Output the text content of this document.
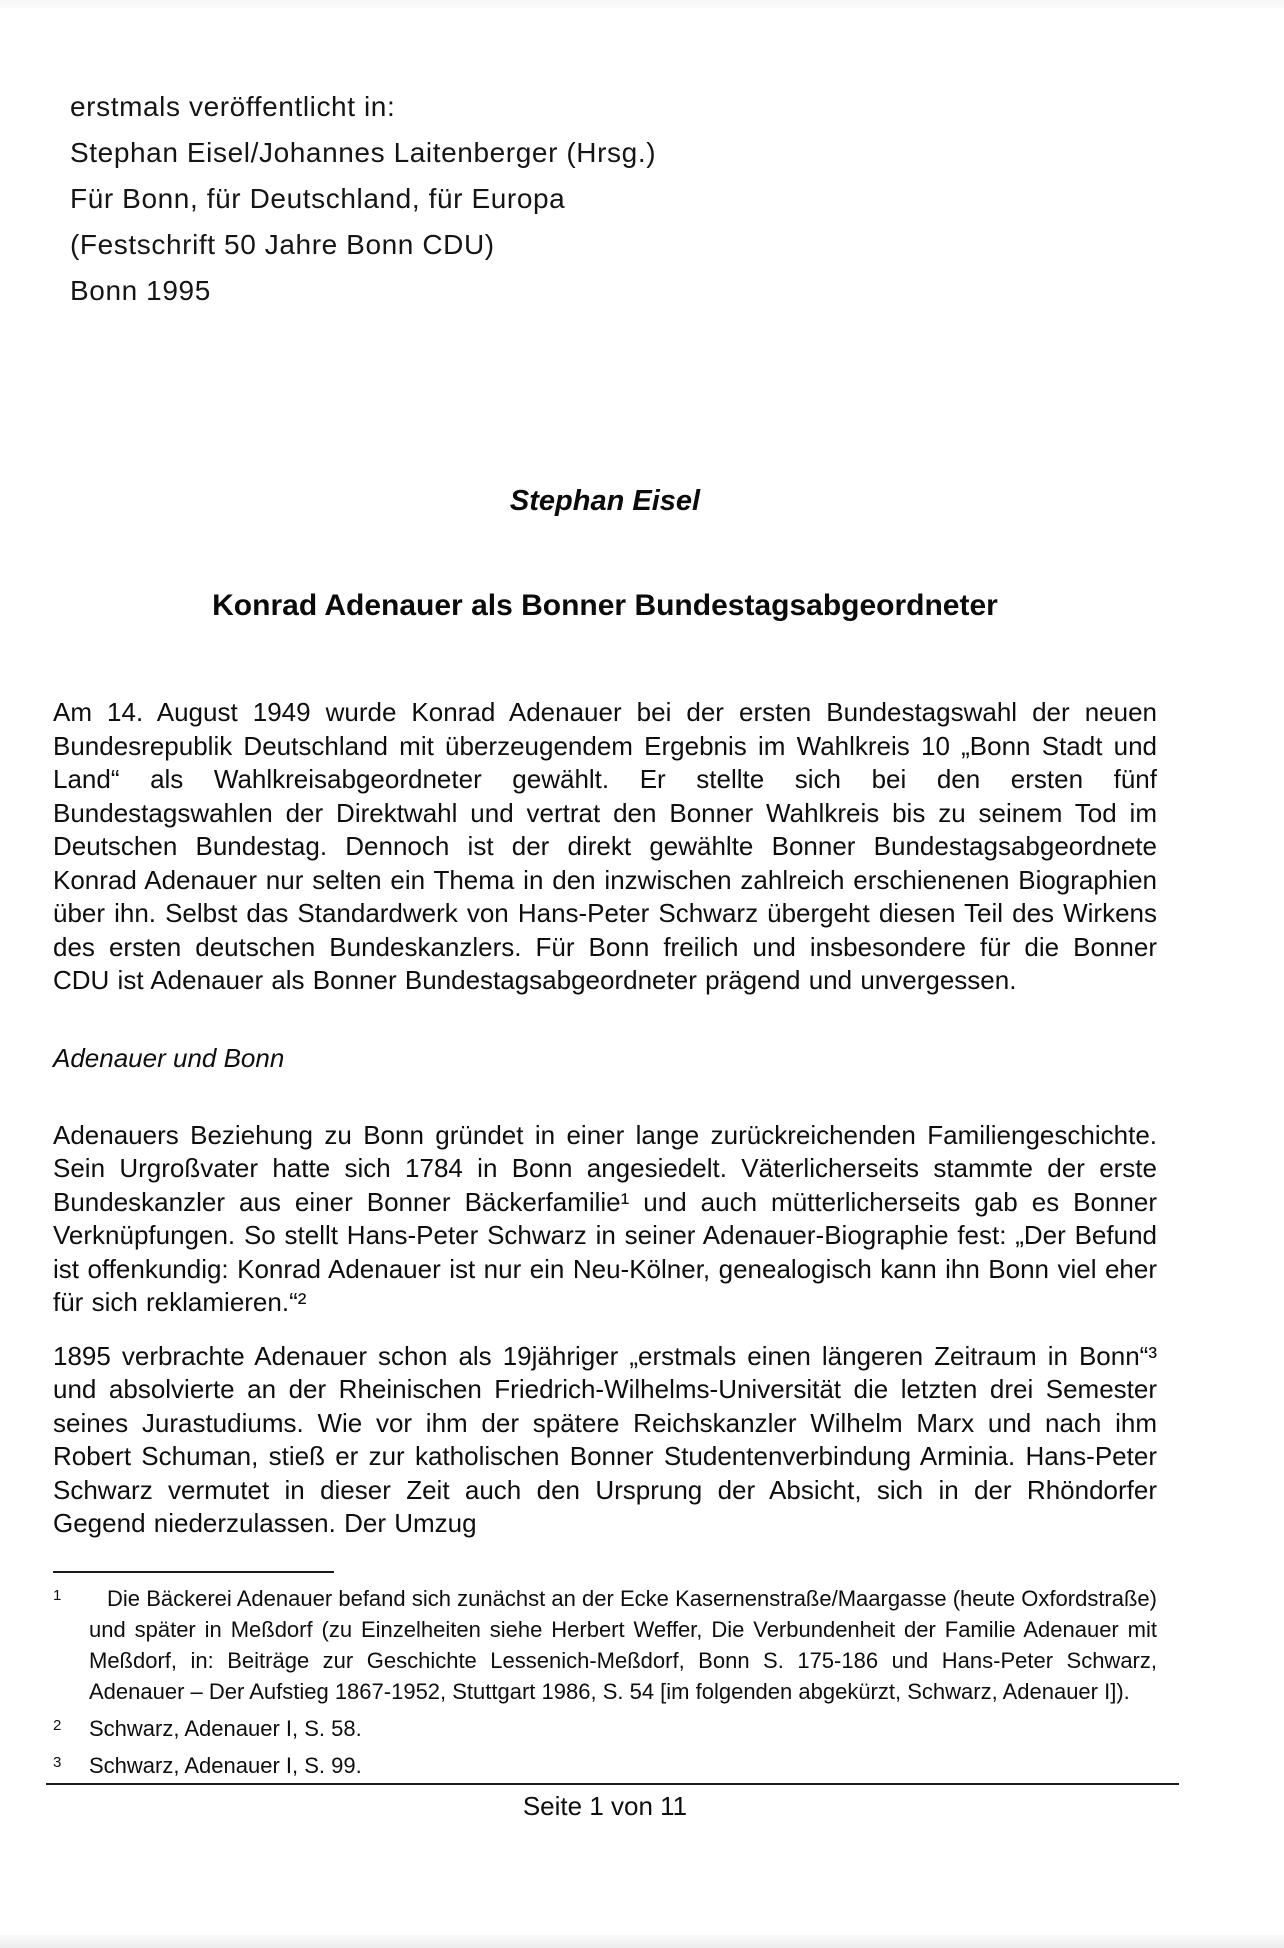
erstmals veröffentlicht in:
Stephan Eisel/Johannes Laitenberger (Hrsg.)
Für Bonn, für Deutschland, für Europa
(Festschrift 50 Jahre Bonn CDU)
Bonn 1995
Stephan Eisel
Konrad Adenauer als Bonner Bundestagsabgeordneter

Am 14. August 1949 wurde Konrad Adenauer bei der ersten Bundestagswahl der neuen Bundesrepublik Deutschland mit überzeugendem Ergebnis im Wahlkreis 10 „Bonn Stadt und Land“ als Wahlkreisabgeordneter gewählt. Er stellte sich bei den ersten fünf Bundestagswahlen der Direktwahl und vertrat den Bonner Wahlkreis bis zu seinem Tod im Deutschen Bundestag. Dennoch ist der direkt gewählte Bonner Bundestagsabgeordnete Konrad Adenauer nur selten ein Thema in den inzwischen zahlreich erschienenen Biographien über ihn. Selbst das Standardwerk von Hans-Peter Schwarz übergeht diesen Teil des Wirkens des ersten deutschen Bundeskanzlers. Für Bonn freilich und insbesondere für die Bonner CDU ist Adenauer als Bonner Bundestagsabgeordneter prägend und unvergessen.

Adenauer und Bonn

Adenauers Beziehung zu Bonn gründet in einer lange zurückreichenden Familiengeschichte. Sein Urgroßvater hatte sich 1784 in Bonn angesiedelt. Väterlicherseits stammte der erste Bundeskanzler aus einer Bonner Bäckerfamilie¹ und auch mütterlicherseits gab es Bonner Verknüpfungen. So stellt Hans-Peter Schwarz in seiner Adenauer-Biographie fest: „Der Befund ist offenkundig: Konrad Adenauer ist nur ein Neu-Kölner, genealogisch kann ihn Bonn viel eher für sich reklamieren.“²

1895 verbrachte Adenauer schon als 19jähriger „erstmals einen längeren Zeitraum in Bonn“³ und absolvierte an der Rheinischen Friedrich-Wilhelms-Universität die letzten drei Semester seines Jurastudiums. Wie vor ihm der spätere Reichskanzler Wilhelm Marx und nach ihm Robert Schuman, stieß er zur katholischen Bonner Studentenverbindung Arminia. Hans-Peter Schwarz vermutet in dieser Zeit auch den Ursprung der Absicht, sich in der Rhöndorfer Gegend niederzulassen. Der Umzug

1	Die Bäckerei Adenauer befand sich zunächst an der Ecke Kasernenstraße/Maargasse (heute Oxfordstraße) und später in Meßdorf (zu Einzelheiten siehe Herbert Weffer, Die Verbundenheit der Familie Adenauer mit Meßdorf, in: Beiträge zur Geschichte Lessenich-Meßdorf, Bonn S. 175-186 und Hans-Peter Schwarz, Adenauer – Der Aufstieg 1867-1952, Stuttgart 1986, S. 54 [im folgenden abgekürzt, Schwarz, Adenauer I]).
2	Schwarz, Adenauer I, S. 58.
3	Schwarz, Adenauer I, S. 99.
Seite 1 von 11
